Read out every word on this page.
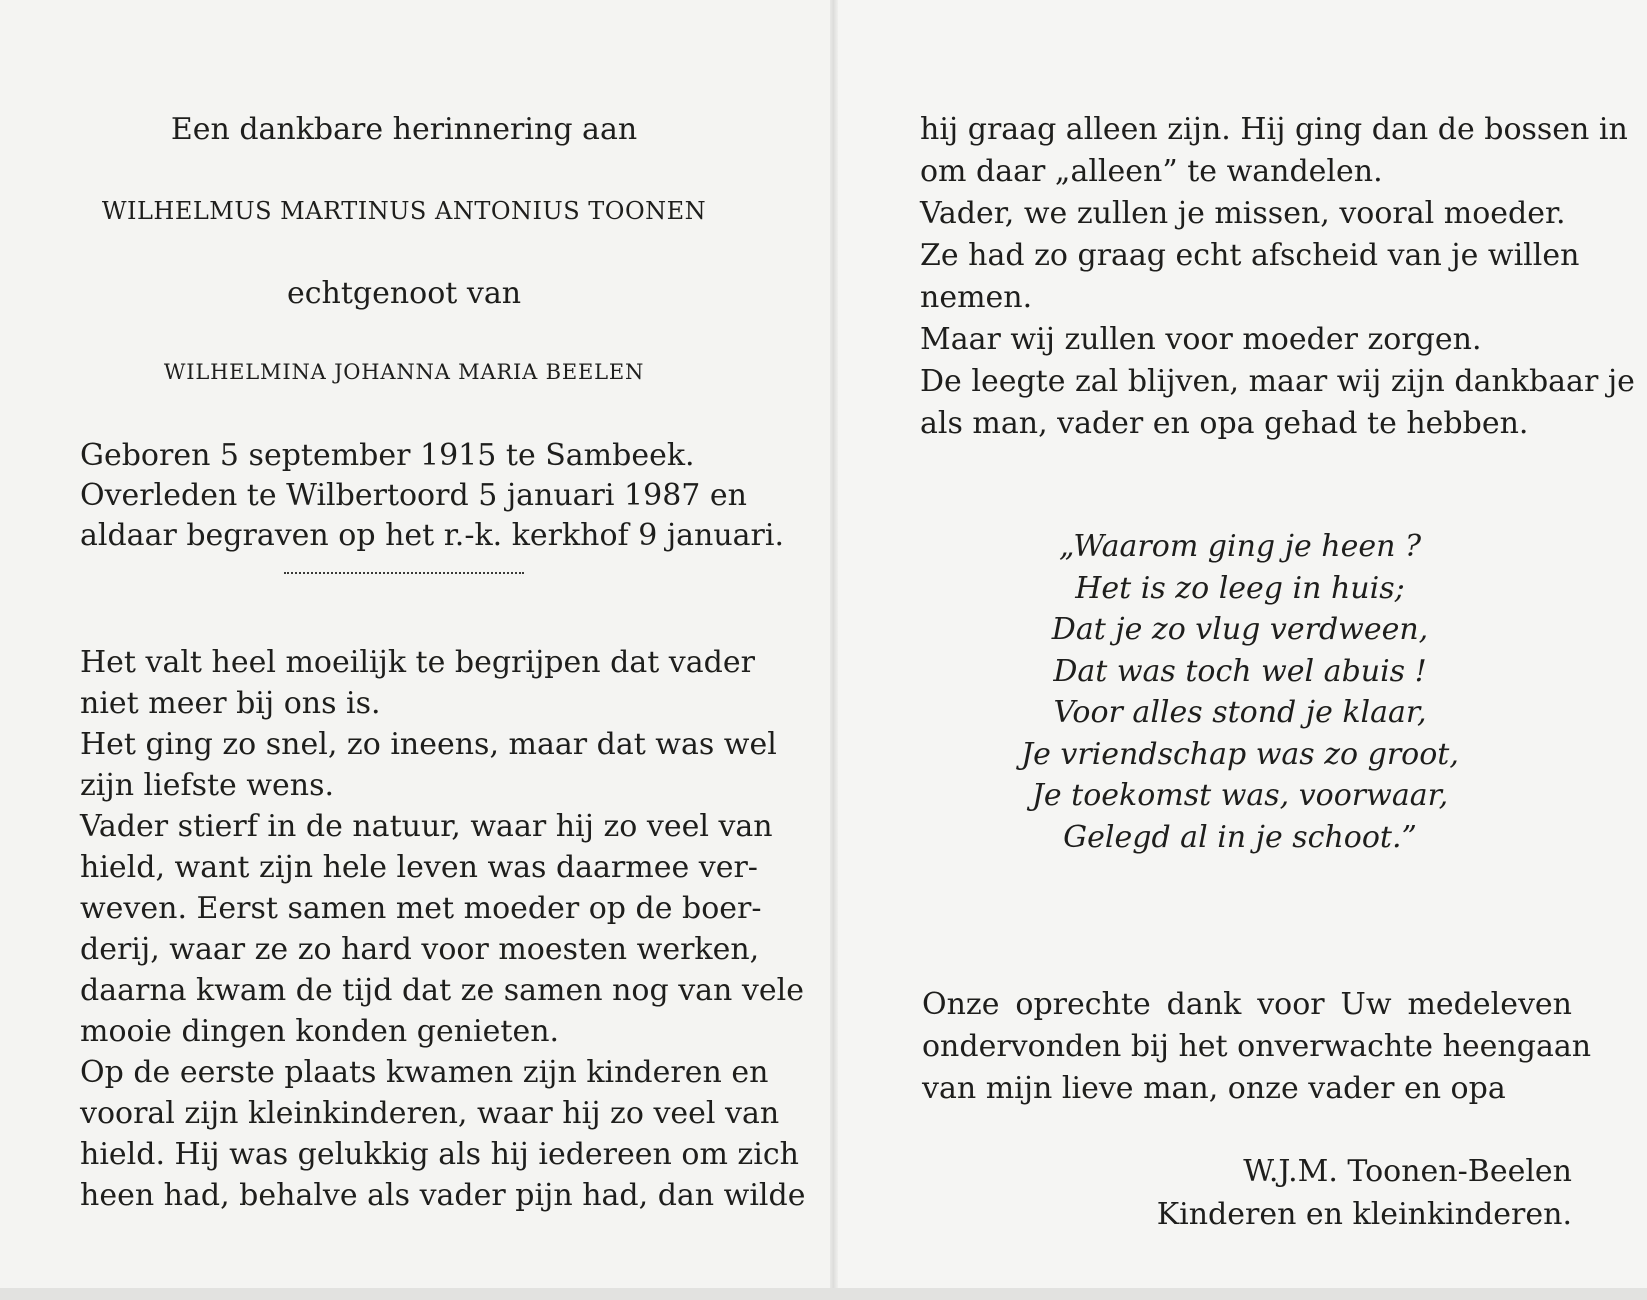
Een dankbare herinnering aan

WILHELMUS MARTINUS ANTONIUS TOONEN

echtgenoot van

WILHELMINA JOHANNA MARIA BEELEN

Geboren 5 september 1915 te Sambeek.

Overleden te Wilbertoord 5 januari 1987 en

aldaar begraven op het r.-k. kerkhof 9 januari.

Het valt heel moeilijk te begrijpen dat vader

niet meer bij ons is.

Het ging zo snel, zo ineens, maar dat was wel

zijn liefste wens.

Vader stierf in de natuur, waar hij zo veel van

hield, want zijn hele leven was daarmee ver-

weven. Eerst samen met moeder op de boer-

derij, waar ze zo hard voor moesten werken,

daarna kwam de tijd dat ze samen nog van vele

mooie dingen konden genieten.

Op de eerste plaats kwamen zijn kinderen en

vooral zijn kleinkinderen, waar hij zo veel van

hield. Hij was gelukkig als hij iedereen om zich

heen had, behalve als vader pijn had, dan wilde

hij graag alleen zijn. Hij ging dan de bossen in

om daar „alleen” te wandelen.

Vader, we zullen je missen, vooral moeder.

Ze had zo graag echt afscheid van je willen

nemen.

Maar wij zullen voor moeder zorgen.

De leegte zal blijven, maar wij zijn dankbaar je

als man, vader en opa gehad te hebben.

Onze oprechte dank voor Uw medeleven

ondervonden bij het onverwachte heengaan

van mijn lieve man, onze vader en opa

W.J.M. Toonen-Beelen
Kinderen en kleinkinderen.
„Waarom ging je heen ?
Het is zo leeg in huis;
Dat je zo vlug verdween,
Dat was toch wel abuis !
Voor alles stond je klaar,
Je vriendschap was zo groot,
Je toekomst was, voorwaar,
Gelegd al in je schoot.”
